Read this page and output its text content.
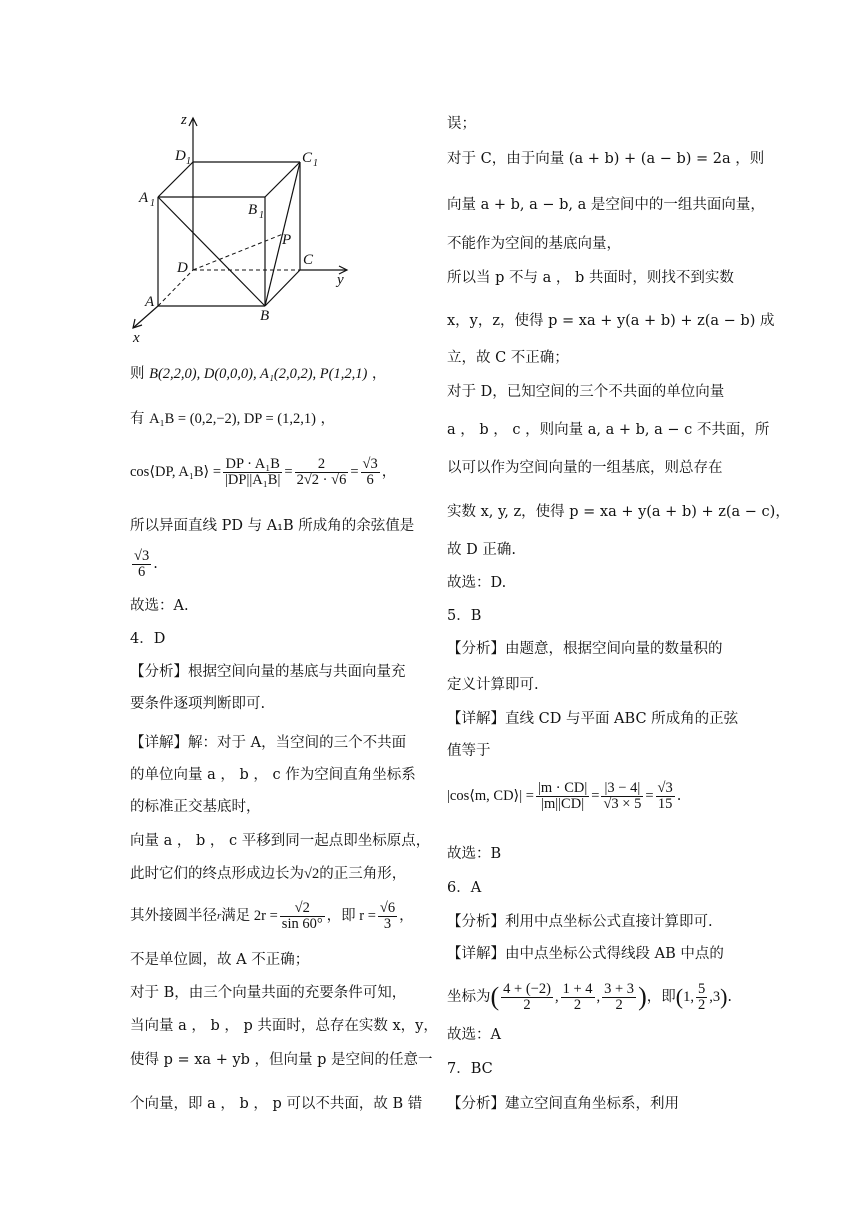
z
y
x
D 1	C 1
A 1	B 1
P
D	C
A
B
则 B(2,2,0), D(0,0,0), A₁(2,0,2), P(1,2,1) ，
有 A₁B = (0,2,−2), DP = (1,2,1) ，
cos⟨DP, A₁B⟩ = $\frac{\text{DP · A₁B}}{\text{|DP||A₁B|}} = \frac{2}{2√2 \cdot √6} = \frac{√3}{6}$ ，
所以异面直线 PD 与 A₁B 所成角的余弦值是
$\frac{√3}{6}$ .
故选：A.
4．D
【分析】根据空间向量的基底与共面向量充
要条件逐项判断即可.
【详解】解：对于 A，当空间的三个不共面
的单位向量 a ， b ， c 作为空间直角坐标系
的标准正交基底时，
向量 a ， b ， c 平移到同一起点即坐标原点，
此时它们的终点形成边长为√2的正三角形，
其外接圆半径 r 满足 $2r = \frac{√2}{\sin 60^\circ}$ ，即 $r = \frac{√6}{3}$ ，
不是单位圆，故 A 不正确；
对于 B，由三个向量共面的充要条件可知，
当向量 a ， b ， p 共面时，总存在实数 x，y，
使得 p = xa + yb ，但向量 p 是空间的任意一
个向量，即 a ， b ， p 可以不共面，故 B 错
误；
对于 C，由于向量 (a + b) + (a − b) = 2a ，则
向量 a + b, a − b, a 是空间中的一组共面向量，
不能作为空间的基底向量，
所以当 p 不与 a ， b 共面时，则找不到实数
x，y，z，使得 p = xa + y(a + b) + z(a − b) 成
立，故 C 不正确；
对于 D，已知空间的三个不共面的单位向量
a ， b ， c ，则向量 a, a + b, a − c 不共面，所
以可以作为空间向量的一组基底，则总存在
实数 x, y, z，使得 p = xa + y(a + b) + z(a − c)，
故 D 正确.
故选：D.
5．B
【分析】由题意，根据空间向量的数量积的
定义计算即可.
【详解】直线 CD 与平面 ABC 所成角的正弦
值等于
|cos⟨m, CD⟩| = $\frac{|m \cdot CD|}{|m||CD|} = \frac{|3 - 4|}{√3 \times 5} = \frac{√3}{15}$ .
故选：B
6．A
【分析】利用中点坐标公式直接计算即可.
【详解】由中点坐标公式得线段 AB 中点的
坐标为 ( $\frac{4 + (-2)}{2}$ , $\frac{1 + 4}{2}$ , $\frac{3 + 3}{2}$ ) ，即 ( 1, $\frac{5}{2} ,3$ ) .
故选：A
7．BC
【分析】建立空间直角坐标系，利用
